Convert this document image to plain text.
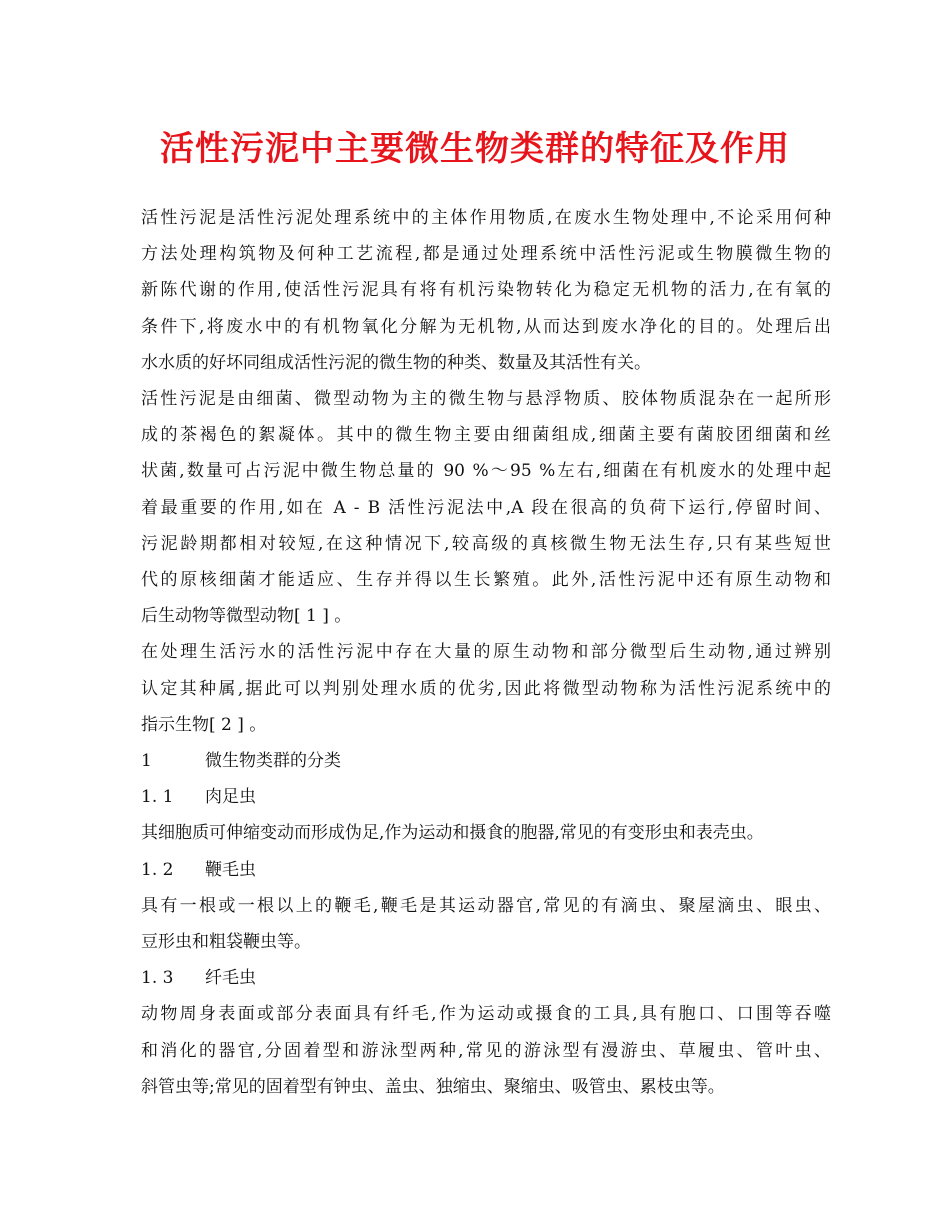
活性污泥中主要微生物类群的特征及作用
活性污泥是活性污泥处理系统中的主体作用物质,在废水生物处理中,不论采用何种
方法处理构筑物及何种工艺流程,都是通过处理系统中活性污泥或生物膜微生物的
新陈代谢的作用,使活性污泥具有将有机污染物转化为稳定无机物的活力,在有氧的
条件下,将废水中的有机物氧化分解为无机物,从而达到废水净化的目的。处理后出
水水质的好坏同组成活性污泥的微生物的种类、数量及其活性有关。
活性污泥是由细菌、微型动物为主的微生物与悬浮物质、胶体物质混杂在一起所形
成的茶褐色的絮凝体。其中的微生物主要由细菌组成,细菌主要有菌胶团细菌和丝
状菌,数量可占污泥中微生物总量的 90 %～95 %左右,细菌在有机废水的处理中起
着最重要的作用,如在 A - B 活性污泥法中,A 段在很高的负荷下运行,停留时间、
污泥龄期都相对较短,在这种情况下,较高级的真核微生物无法生存,只有某些短世
代的原核细菌才能适应、生存并得以生长繁殖。此外,活性污泥中还有原生动物和
后生动物等微型动物[ 1 ] 。
在处理生活污水的活性污泥中存在大量的原生动物和部分微型后生动物,通过辨别
认定其种属,据此可以判别处理水质的优劣,因此将微型动物称为活性污泥系统中的
指示生物[ 2 ] 。
1	微生物类群的分类
1. 1 肉足虫
其细胞质可伸缩变动而形成伪足,作为运动和摄食的胞器,常见的有变形虫和表壳虫。
1. 2 鞭毛虫
具有一根或一根以上的鞭毛,鞭毛是其运动器官,常见的有滴虫、聚屋滴虫、眼虫、
豆形虫和粗袋鞭虫等。
1. 3 纤毛虫
动物周身表面或部分表面具有纤毛,作为运动或摄食的工具,具有胞口、口围等吞噬
和消化的器官,分固着型和游泳型两种,常见的游泳型有漫游虫、草履虫、管叶虫、
斜管虫等;常见的固着型有钟虫、盖虫、独缩虫、聚缩虫、吸管虫、累枝虫等。
